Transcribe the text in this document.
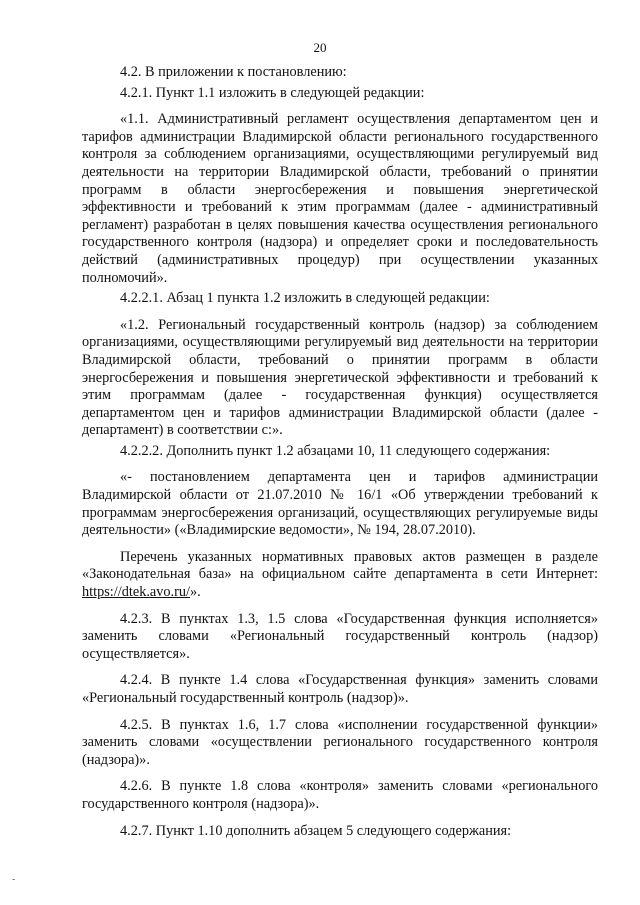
20

4.2. В приложении к постановлению:

4.2.1. Пункт 1.1 изложить в следующей редакции:

«1.1. Административный регламент осуществления департаментом цен и тарифов администрации Владимирской области регионального государственного контроля за соблюдением организациями, осуществляющими регулируемый вид деятельности на территории Владимирской области, требований о принятии программ в области энергосбережения и повышения энергетической эффективности и требований к этим программам (далее - административный регламент) разработан в целях повышения качества осуществления регионального государственного контроля (надзора) и определяет сроки и последовательность действий (административных процедур) при осуществлении указанных полномочий».

4.2.2.1. Абзац 1 пункта 1.2 изложить в следующей редакции:

«1.2. Региональный государственный контроль (надзор) за соблюдением организациями, осуществляющими регулируемый вид деятельности на территории Владимирской области, требований о принятии программ в области энергосбережения и повышения энергетической эффективности и требований к этим программам (далее - государственная функция) осуществляется департаментом цен и тарифов администрации Владимирской области (далее - департамент) в соответствии с:».

4.2.2.2. Дополнить пункт 1.2 абзацами 10, 11 следующего содержания:

«- постановлением департамента цен и тарифов администрации Владимирской области от 21.07.2010 № 16/1 «Об утверждении требований к программам энергосбережения организаций, осуществляющих регулируемые виды деятельности» («Владимирские ведомости», № 194, 28.07.2010).

Перечень указанных нормативных правовых актов размещен в разделе «Законодательная база» на официальном сайте департамента в сети Интернет: https://dtek.avo.ru/».

4.2.3. В пунктах 1.3, 1.5 слова «Государственная функция исполняется» заменить словами «Региональный государственный контроль (надзор) осуществляется».

4.2.4. В пункте 1.4 слова «Государственная функция» заменить словами «Региональный государственный контроль (надзор)».

4.2.5. В пунктах 1.6, 1.7 слова «исполнении государственной функции» заменить словами «осуществлении регионального государственного контроля (надзора)».

4.2.6. В пункте 1.8 слова «контроля» заменить словами «регионального государственного контроля (надзора)».

4.2.7. Пункт 1.10 дополнить абзацем 5 следующего содержания:

-
